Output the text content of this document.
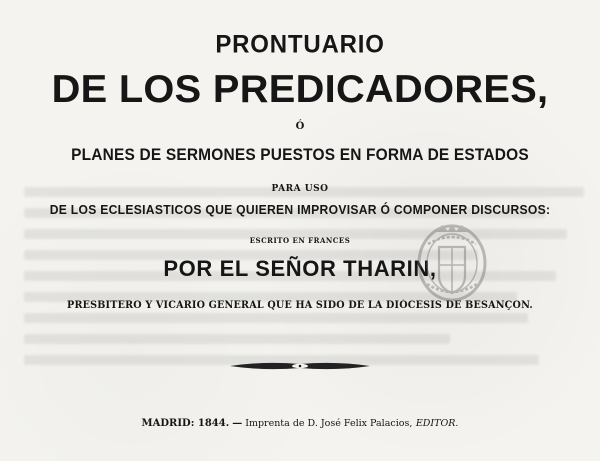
PRONTUARIO
DE LOS PREDICADORES,
Ó
PLANES DE SERMONES PUESTOS EN FORMA DE ESTADOS
PARA USO
DE LOS ECLESIASTICOS QUE QUIEREN IMPROVISAR Ó COMPONER DISCURSOS:
ESCRITO EN FRANCES
POR EL SEÑOR THARIN,
PRESBITERO Y VICARIO GENERAL QUE HA SIDO DE LA DIÓCESIS DE BESANÇON.
MADRID: 1844. — Imprenta de D. José Felix Palacios, EDITOR.
